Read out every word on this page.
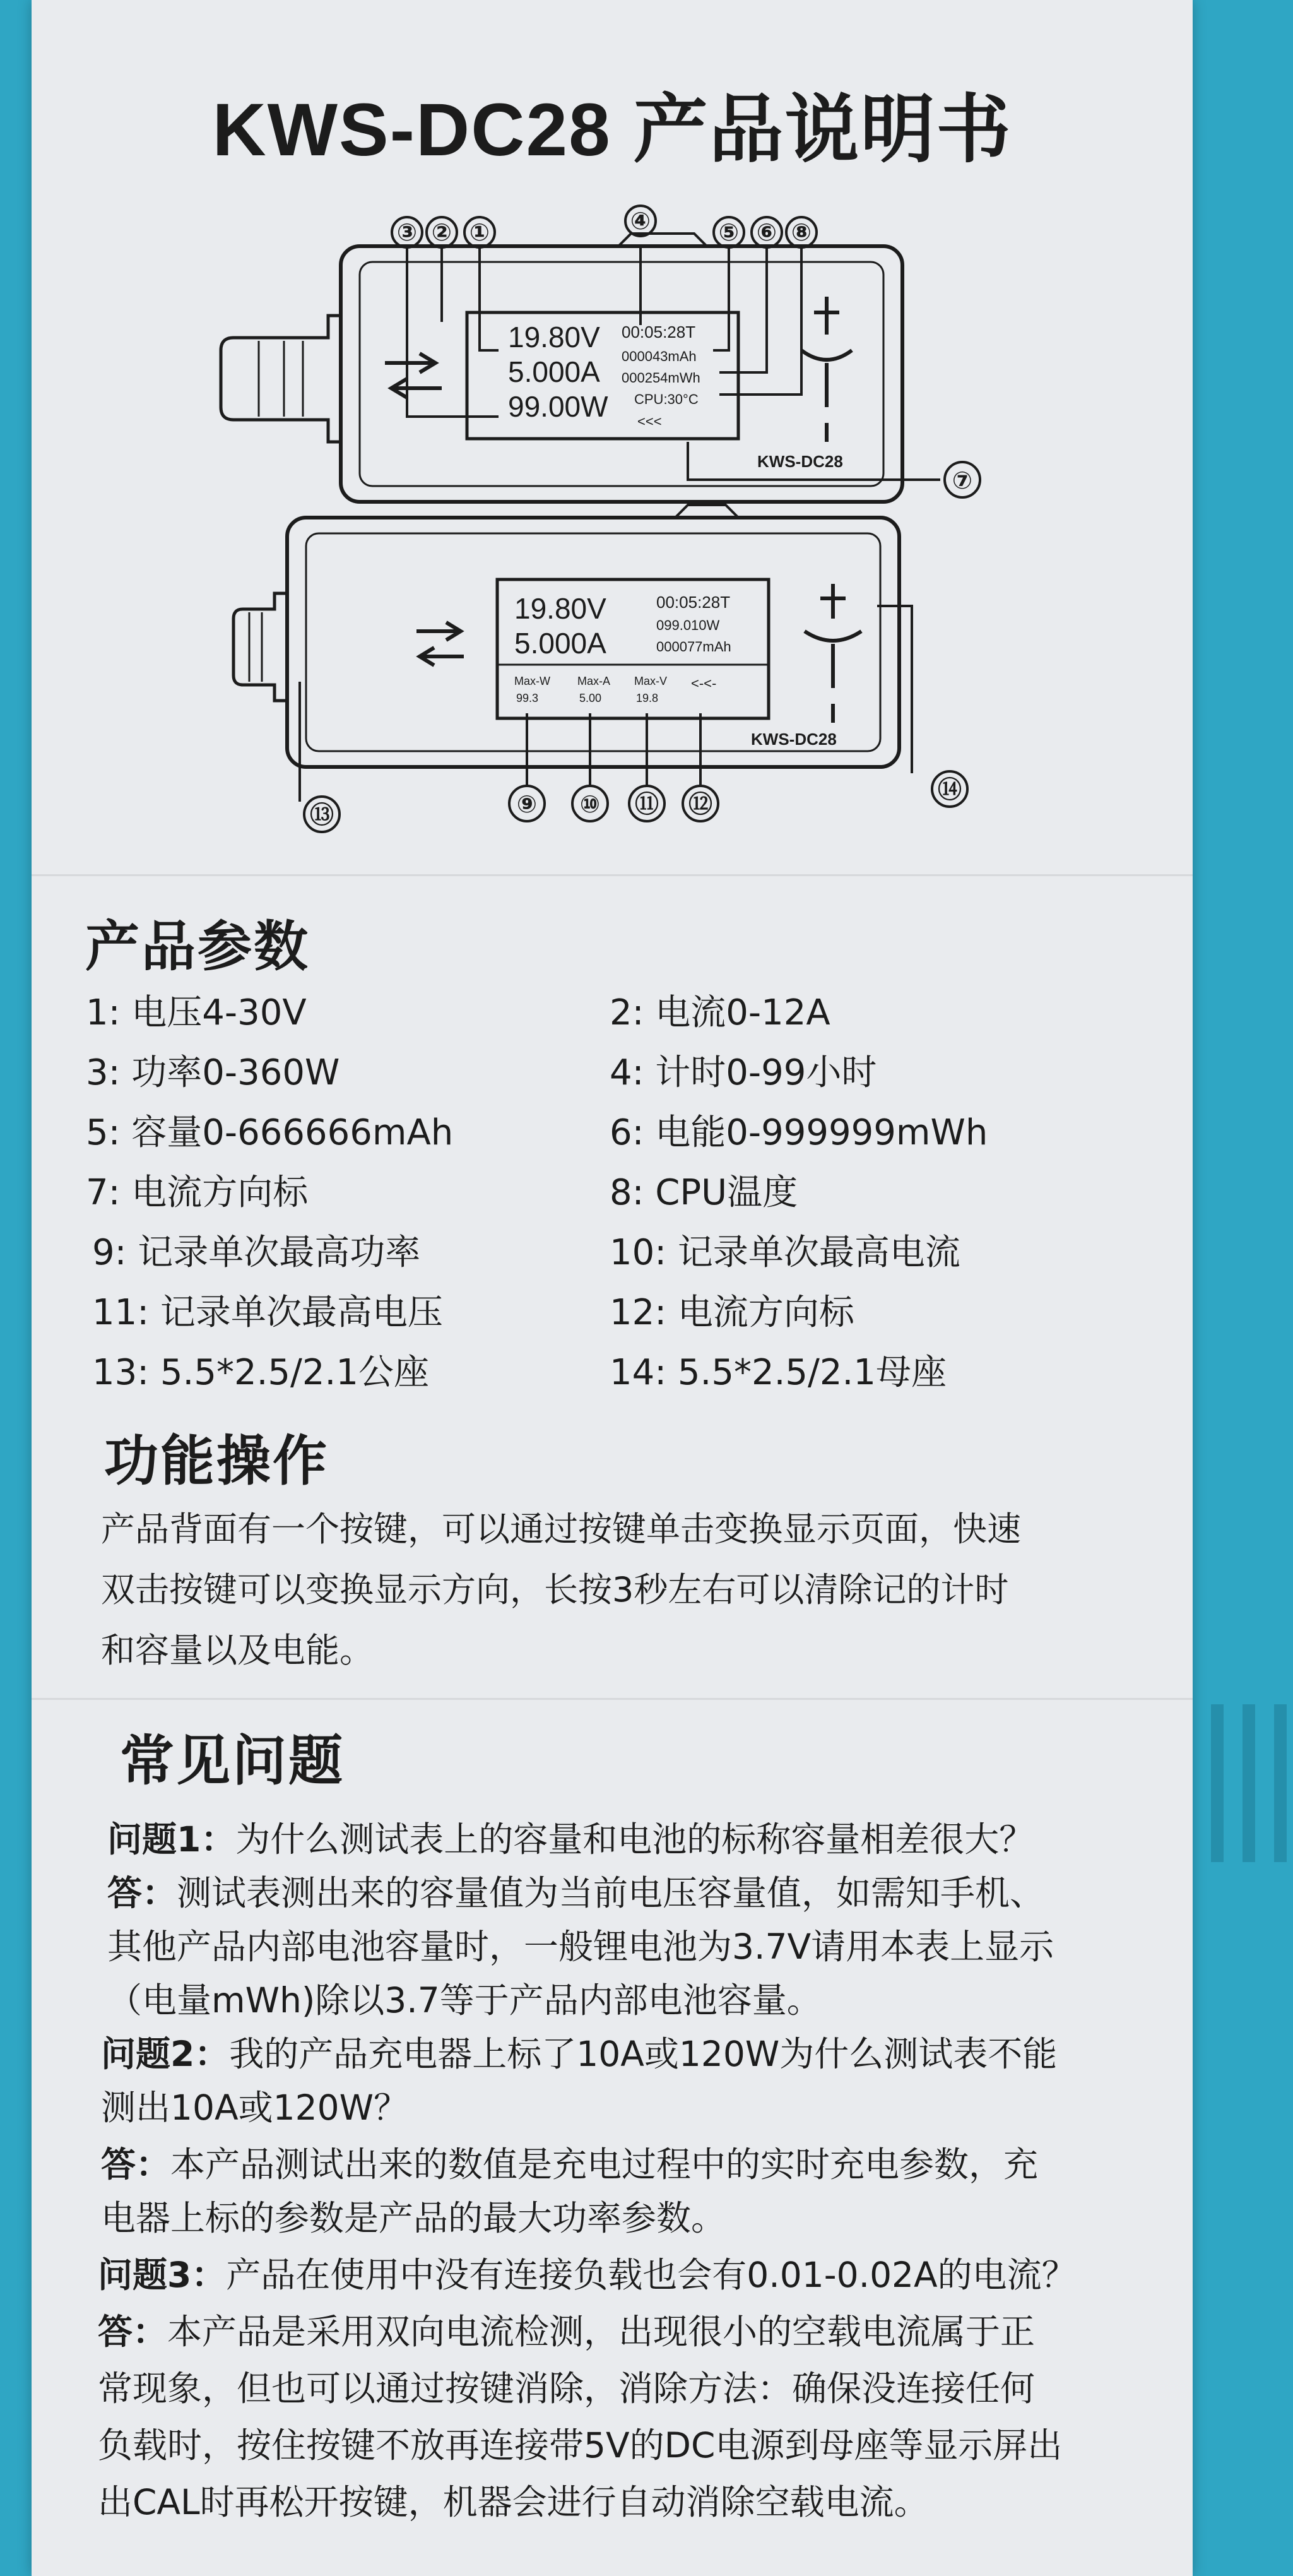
KWS-DC28 产品说明书
③ ② ①	④	⑤ ⑥ ⑧
⑦
⑬	⑨ ⑩ ⑪ ⑫
⑭
19.80V
5.000A
99.00W
00:05:28T
000043mAh
000254mWh
CPU:30°C
<<<
KWS-DC28
19.80V
5.000A
00:05:28T
099.010W
000077mAh
Max-W Max-A Max-V
99.3	5.00	19.8
<-<-
KWS-DC28
产品参数
1: 电压4-30V	2: 电流0-12A
3: 功率0-360W	4: 计时0-99小时
5: 容量0-666666mAh	6: 电能0-999999mWh
7: 电流方向标	8: CPU温度
9: 记录单次最高功率	10: 记录单次最高电流
11: 记录单次最高电压	12: 电流方向标
13: 5.5*2.5/2.1公座	14: 5.5*2.5/2.1母座
功能操作
产品背面有一个按键，可以通过按键单击变换显示页面，快速
双击按键可以变换显示方向，长按3秒左右可以清除记的计时
和容量以及电能。
常见问题
问题1：为什么测试表上的容量和电池的标称容量相差很大？
答：测试表测出来的容量值为当前电压容量值，如需知手机、
其他产品内部电池容量时，一般锂电池为3.7V请用本表上显示
（电量mWh)除以3.7等于产品内部电池容量。
问题2：我的产品充电器上标了10A或120W为什么测试表不能
测出10A或120W？
答：本产品测试出来的数值是充电过程中的实时充电参数，充
电器上标的参数是产品的最大功率参数。
问题3：产品在使用中没有连接负载也会有0.01-0.02A的电流？
答：本产品是采用双向电流检测，出现很小的空载电流属于正
常现象，但也可以通过按键消除，消除方法：确保没连接任何
负载时，按住按键不放再连接带5V的DC电源到母座等显示屏出
出CAL时再松开按键，机器会进行自动消除空载电流。
